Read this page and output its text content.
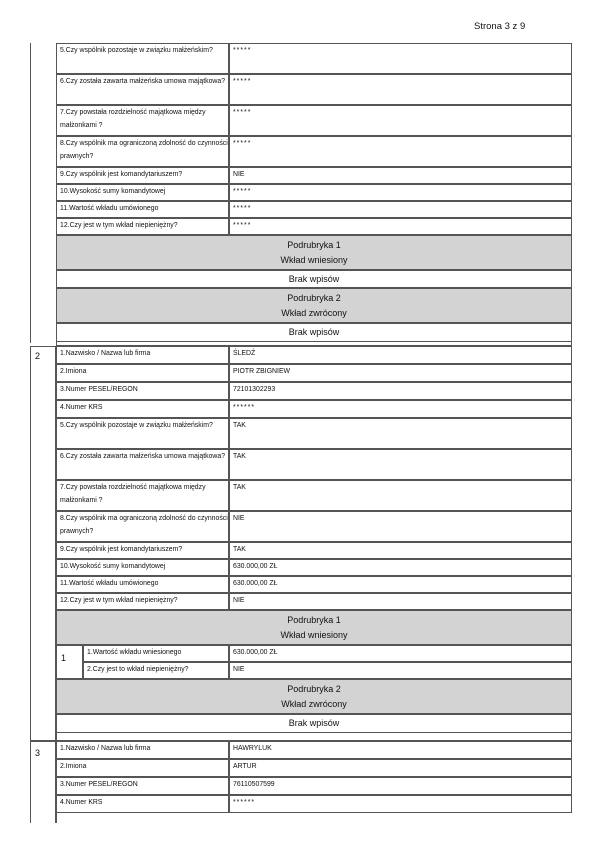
Strona 3 z 9
5.Czy wspólnik pozostaje w związku małżeńskim?	*****
6.Czy została zawarta małżeńska umowa majątkowa?	*****
7.Czy powstała rozdzielność majątkowa między małżonkami ?
*****
8.Czy wspólnik ma ograniczoną zdolność do czynności prawnych?
*****
9.Czy wspólnik jest komandytariuszem?	NIE
10.Wysokość sumy komandytowej	*****
11.Wartość wkładu umówionego	*****
12.Czy jest w tym wkład niepieniężny?	*****
Podrubryka 1
Wkład wniesiony
Brak wpisów
Podrubryka 2
Wkład zwrócony
Brak wpisów
2	1.Nazwisko / Nazwa lub firma	ŚLEDŹ
2.Imiona	PIOTR ZBIGNIEW
3.Numer PESEL/REGON	72101302293
4.Numer KRS	******
5.Czy wspólnik pozostaje w związku małżeńskim?	TAK
6.Czy została zawarta małżeńska umowa majątkowa?	TAK
7.Czy powstała rozdzielność majątkowa między małżonkami ?
TAK
8.Czy wspólnik ma ograniczoną zdolność do czynności prawnych?
NIE
9.Czy wspólnik jest komandytariuszem?	TAK
10.Wysokość sumy komandytowej	630.000,00 ZŁ
11.Wartość wkładu umówionego	630.000,00 ZŁ
12.Czy jest w tym wkład niepieniężny?	NIE
Podrubryka 1
Wkład wniesiony
1
1.Wartość wkładu wniesionego	630.000,00 ZŁ
2.Czy jest to wkład niepieniężny?	NIE
Podrubryka 2
Wkład zwrócony
Brak wpisów
3	1.Nazwisko / Nazwa lub firma	HAWRYLUK
2.Imiona	ARTUR
3.Numer PESEL/REGON	76110507599
4.Numer KRS	******
